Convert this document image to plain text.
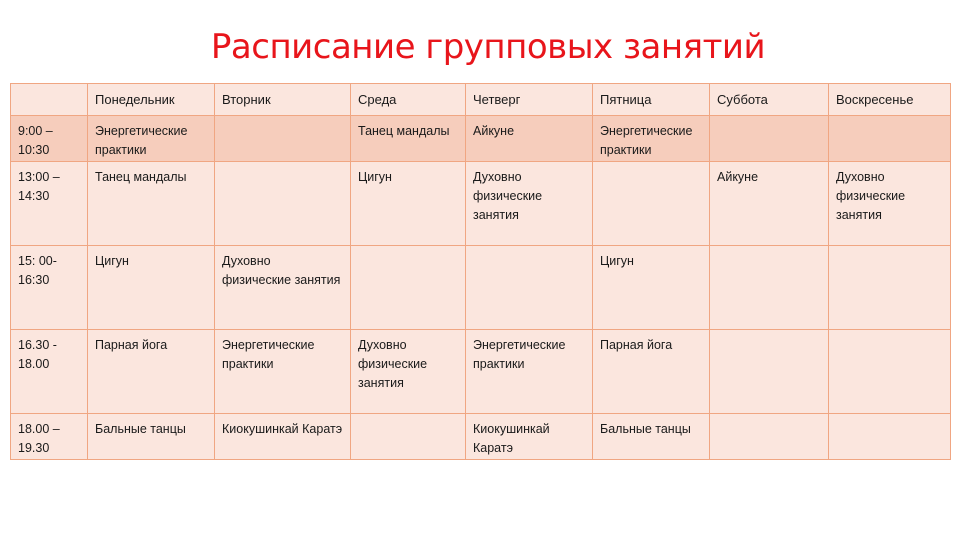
Расписание групповых занятий
	Понедельник	Вторник	Среда	Четверг	Пятница	Суббота	Воскресенье
9:00 – 10:30	Энергетические практики		Танец мандалы	Айкуне	Энергетические практики		
13:00 – 14:30	Танец мандалы		Цигун	Духовно физические занятия		Айкуне	Духовно физические занятия
15: 00- 16:30	Цигун	Духовно физические занятия			Цигун		
16.30 - 18.00	Парная йога	Энергетические практики	Духовно физические занятия	Энергетические практики	Парная йога		
18.00 – 19.30	Бальные танцы	Киокушинкай Каратэ		Киокушинкай Каратэ	Бальные танцы		
